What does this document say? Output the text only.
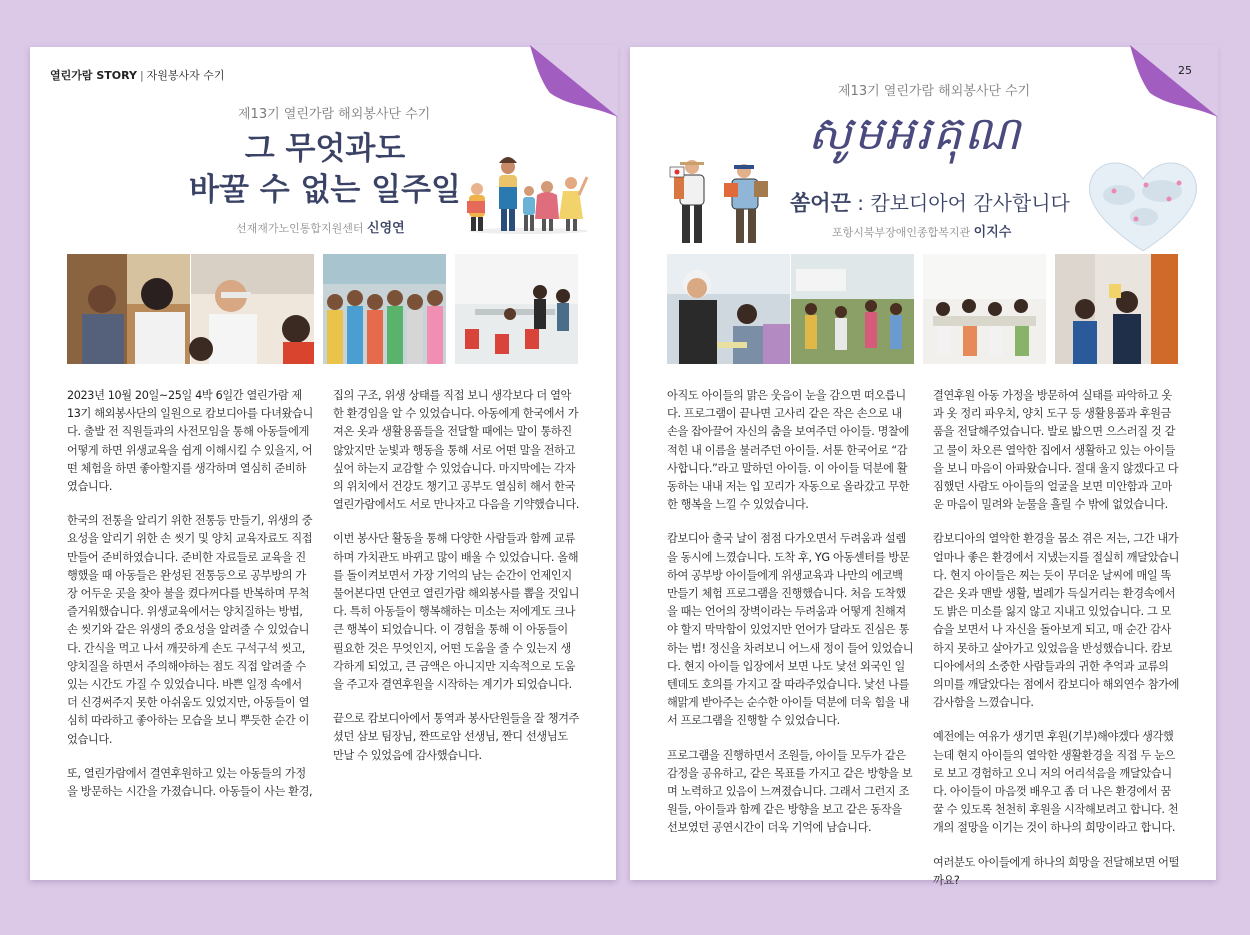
열린가람 STORY | 자원봉사자 수기
제13기 열린가람 해외봉사단 수기
그 무엇과도
바꿀 수 없는 일주일
선재재가노인통합지원센터 신영연

2023년 10월 20일~25일 4박 6일간 열린가람 제13기 해외봉사단의 일원으로 캄보디아를 다녀왔습니다. 출발 전 직원들과의 사전모임을 통해 아동들에게 어떻게 하면 위생교육을 쉽게 이해시킬 수 있을지, 어떤 체험을 하면 좋아할지를 생각하며 열심히 준비하였습니다.

한국의 전통을 알리기 위한 전통등 만들기, 위생의 중요성을 알리기 위한 손 씻기 및 양치 교육자료도 직접 만들어 준비하였습니다. 준비한 자료들로 교육을 진행했을 때 아동들은 완성된 전통등으로 공부방의 가장 어두운 곳을 찾아 불을 켰다꺼다를 반복하며 무척 즐거워했습니다. 위생교육에서는 양치질하는 방법, 손 씻기와 같은 위생의 중요성을 알려줄 수 있었습니다. 간식을 먹고 나서 깨끗하게 손도 구석구석 씻고, 양치질을 하면서 주의해야하는 점도 직접 알려줄 수 있는 시간도 가질 수 있었습니다. 바쁜 일정 속에서 더 신경써주지 못한 아쉬움도 있었지만, 아동들이 열심히 따라하고 좋아하는 모습을 보니 뿌듯한 순간 이었습니다.

또, 열린가람에서 결연후원하고 있는 아동들의 가정을 방문하는 시간을 가졌습니다. 아동들이 사는 환경,

집의 구조, 위생 상태를 직접 보니 생각보다 더 열악한 환경임을 알 수 있었습니다. 아동에게 한국에서 가져온 옷과 생활용품들을 전달할 때에는 말이 통하진 않았지만 눈빛과 행동을 통해 서로 어떤 말을 전하고 싶어 하는지 교감할 수 있었습니다. 마지막에는 각자의 위치에서 건강도 챙기고 공부도 열심히 해서 한국 열린가람에서도 서로 만나자고 다음을 기약했습니다.

이번 봉사단 활동을 통해 다양한 사람들과 함께 교류하며 가치관도 바뀌고 많이 배울 수 있었습니다. 올해를 돌이켜보면서 가장 기억의 남는 순간이 언제인지 물어본다면 단연코 열린가람 해외봉사를 뽑을 것입니다. 특히 아동들이 행복해하는 미소는 저에게도 크나큰 행복이 되었습니다. 이 경험을 통해 이 아동들이 필요한 것은 무엇인지, 어떤 도움을 줄 수 있는지 생각하게 되었고, 큰 금액은 아니지만 지속적으로 도움을 주고자 결연후원을 시작하는 계기가 되었습니다.

끝으로 캄보디아에서 통역과 봉사단원들을 잘 챙겨주셨던 삼보 팀장님, 짠뜨로암 선생님, 짠디 선생님도 만날 수 있었음에 감사했습니다.

25
제13기 열린가람 해외봉사단 수기
សូមអរគុណ
쏨어끈 : 캄보디아어 감사합니다
포항시북부장애인종합복지관 이지수

아직도 아이들의 맑은 웃음이 눈을 감으면 떠오릅니다. 프로그램이 끝나면 고사리 같은 작은 손으로 내 손을 잡아끌어 자신의 춤을 보여주던 아이들. 명찰에 적힌 내 이름을 불러주던 아이들. 서툰 한국어로 “감사합니다.”라고 말하던 아이들. 이 아이들 덕분에 활동하는 내내 저는 입 꼬리가 자동으로 올라갔고 무한한 행복을 느낄 수 있었습니다.

캄보디아 출국 날이 점점 다가오면서 두려움과 설렘을 동시에 느꼈습니다. 도착 후, YG 아동센터를 방문하여 공부방 아이들에게 위생교육과 나만의 에코백 만들기 체험 프로그램을 진행했습니다. 처음 도착했을 때는 언어의 장벽이라는 두려움과 어떻게 친해져야 할지 막막함이 있었지만 언어가 달라도 진심은 통하는 법! 정신을 차려보니 어느새 정이 들어 있었습니다. 현지 아이들 입장에서 보면 나도 낯선 외국인 일 텐데도 호의를 가지고 잘 따라주었습니다. 낯선 나를 해맑게 받아주는 순수한 아이들 덕분에 더욱 힘을 내서 프로그램을 진행할 수 있었습니다.

프로그램을 진행하면서 조원들, 아이들 모두가 같은 감정을 공유하고, 같은 목표를 가지고 같은 방향을 보며 노력하고 있음이 느껴졌습니다. 그래서 그런지 조원들, 아이들과 함께 같은 방향을 보고 같은 동작을 선보였던 공연시간이 더욱 기억에 남습니다.

결연후원 아동 가정을 방문하여 실태를 파악하고 옷과 옷 정리 파우치, 양치 도구 등 생활용품과 후원금품을 전달해주었습니다. 발로 밟으면 으스러질 것 같고 물이 차오른 열악한 집에서 생활하고 있는 아이들을 보니 마음이 아파왔습니다. 절대 울지 않겠다고 다짐했던 사람도 아이들의 얼굴을 보면 미안함과 고마운 마음이 밀려와 눈물을 흘릴 수 밖에 없었습니다.

캄보디아의 열악한 환경을 몸소 겪은 저는, 그간 내가 얼마나 좋은 환경에서 지냈는지를 절실히 깨달았습니다. 현지 아이들은 찌는 듯이 무더운 날씨에 매일 똑같은 옷과 맨발 생활, 벌레가 득실거리는 환경속에서도 밝은 미소를 잃지 않고 지내고 있었습니다. 그 모습을 보면서 나 자신을 돌아보게 되고, 매 순간 감사하지 못하고 살아가고 있었음을 반성했습니다. 캄보디아에서의 소중한 사람들과의 귀한 추억과 교류의 의미를 깨달았다는 점에서 캄보디아 해외연수 참가에 감사함을 느꼈습니다.

예전에는 여유가 생기면 후원(기부)해야겠다 생각했는데 현지 아이들의 열악한 생활환경을 직접 두 눈으로 보고 경험하고 오니 저의 어리석음을 깨달았습니다. 아이들이 마음껏 배우고 좀 더 나은 환경에서 꿈꿀 수 있도록 천천히 후원을 시작해보려고 합니다. 천개의 절망을 이기는 것이 하나의 희망이라고 합니다.

여러분도 아이들에게 하나의 희망을 전달해보면 어떨까요?
